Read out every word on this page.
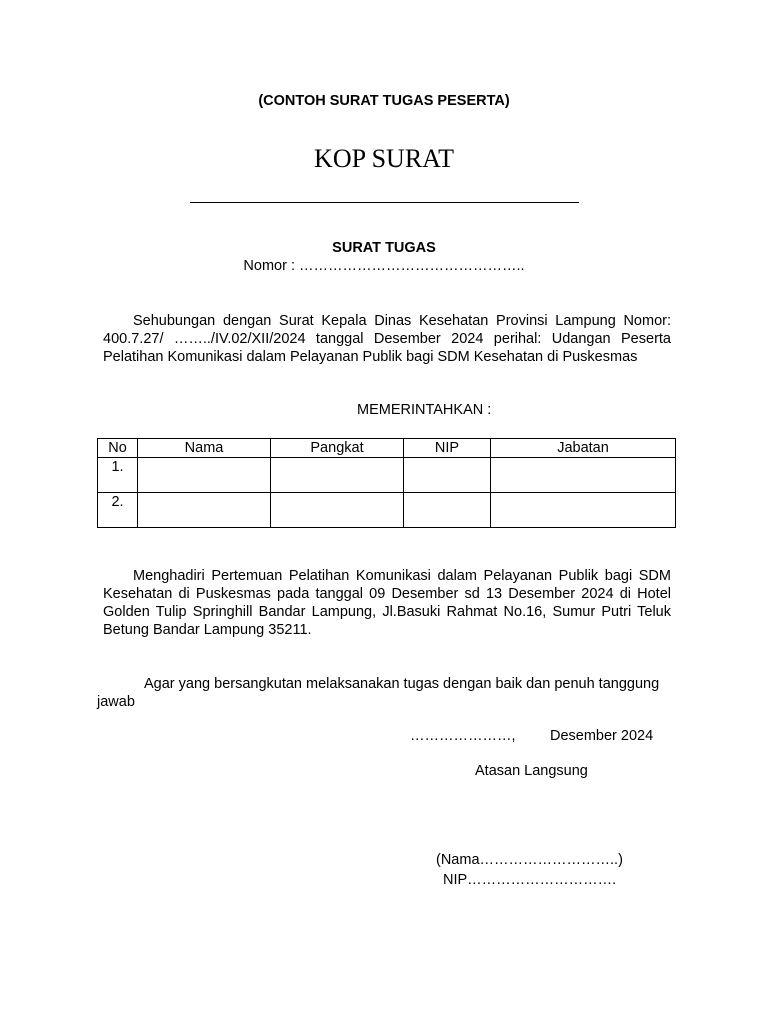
(CONTOH SURAT TUGAS PESERTA)
KOP SURAT
SURAT TUGAS
Nomor : ………………………………………..
Sehubungan dengan Surat Kepala Dinas Kesehatan Provinsi Lampung Nomor: 400.7.27/ ……../IV.02/XII/2024 tanggal Desember 2024 perihal: Udangan Peserta Pelatihan Komunikasi dalam Pelayanan Publik bagi SDM Kesehatan di Puskesmas
MEMERINTAHKAN :
No	Nama	Pangkat	NIP	Jabatan
1.				
2.				
Menghadiri Pertemuan Pelatihan Komunikasi dalam Pelayanan Publik bagi SDM Kesehatan di Puskesmas pada tanggal 09 Desember sd 13 Desember 2024 di Hotel Golden Tulip Springhill Bandar Lampung, Jl.Basuki Rahmat No.16, Sumur Putri Teluk Betung Bandar Lampung 35211.
Agar yang bersangkutan melaksanakan tugas dengan baik dan penuh tanggung jawab
…………………, Desember 2024
Atasan Langsung
(Nama………………………..)
NIP………………………….
